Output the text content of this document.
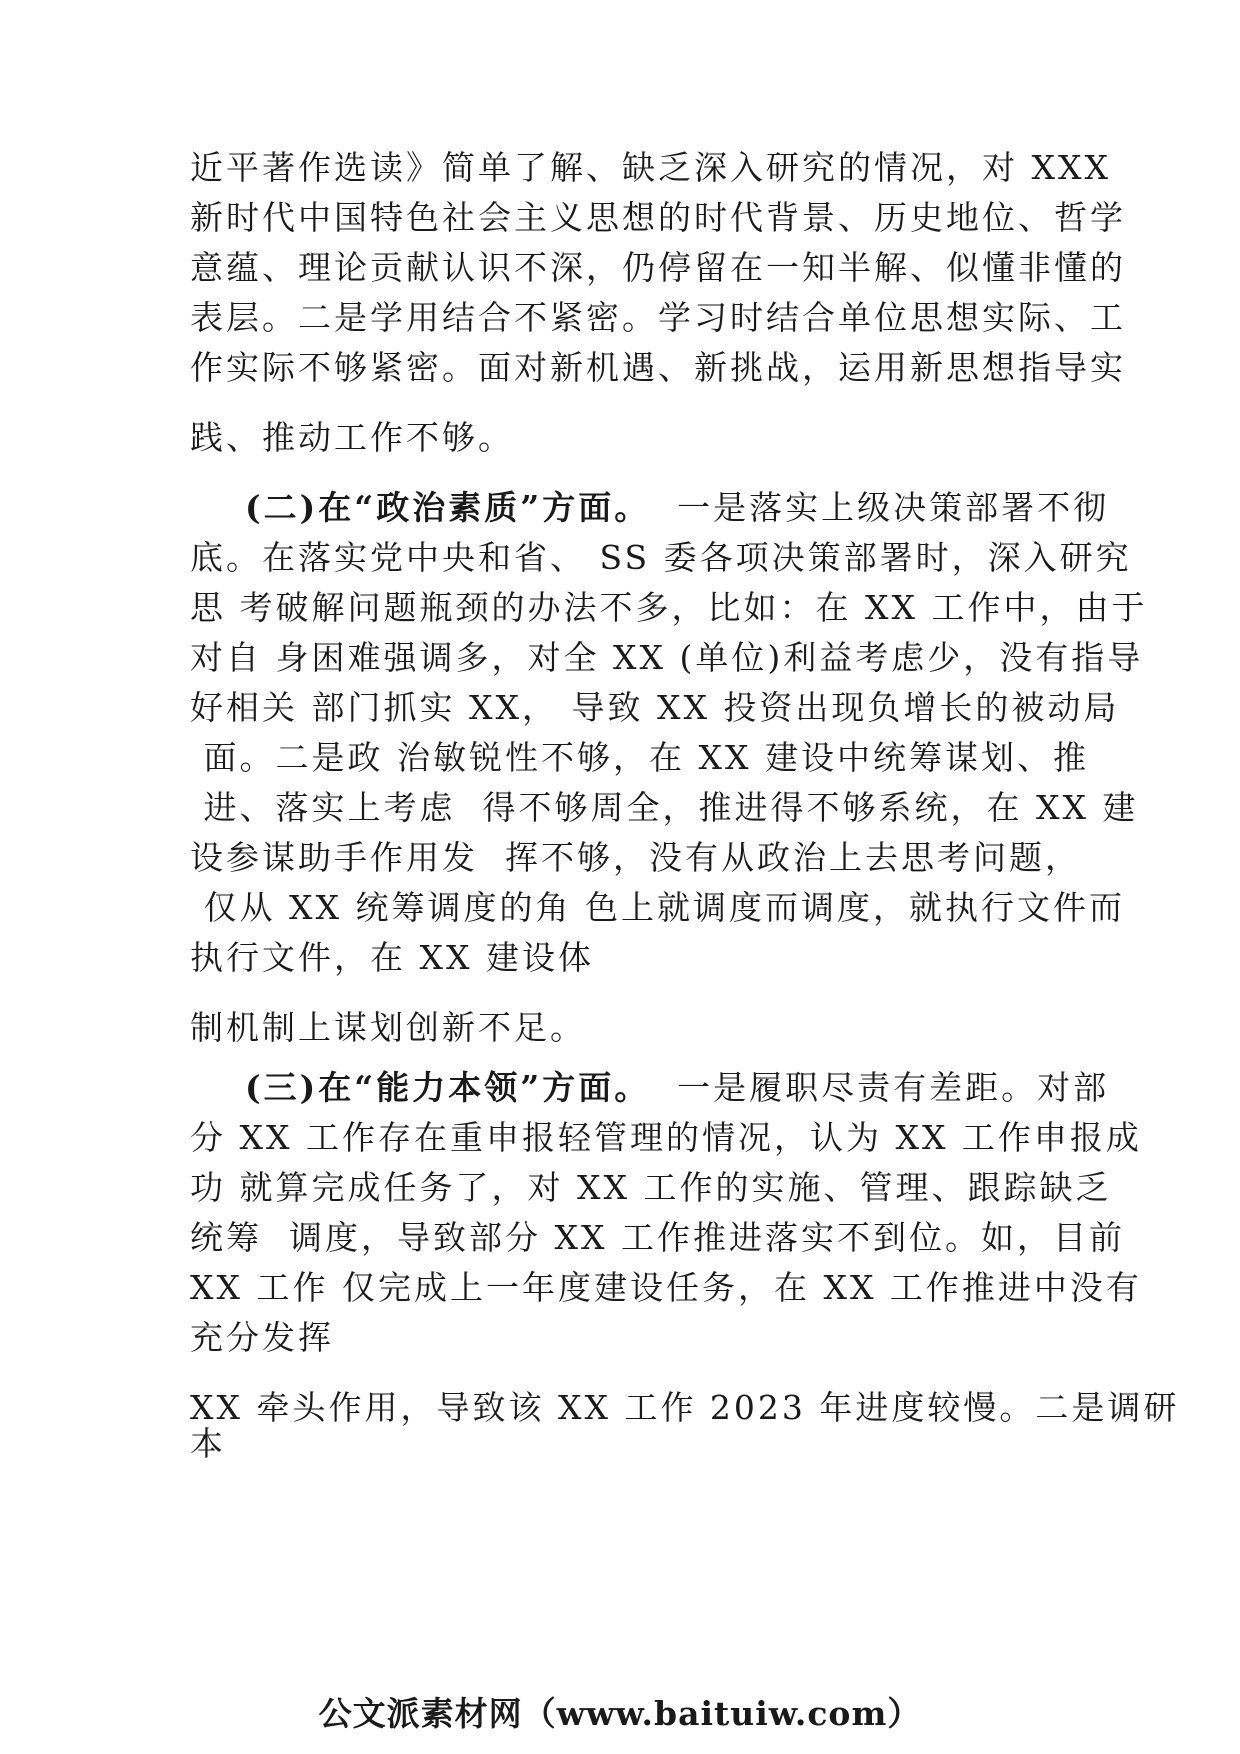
近平著作选读》简单了解、缺乏深入研究的情况，对 XXX
新时代中国特色社会主义思想的时代背景、历史地位、哲学
意蕴、理论贡献认识不深，仍停留在一知半解、似懂非懂的
表层。二是学用结合不紧密。学习时结合单位思想实际、工
作实际不够紧密。面对新机遇、新挑战，运用新思想指导实
践、推动工作不够。
(二)在“政治素质”方面。  一是落实上级决策部署不彻
底。在落实党中央和省、 SS 委各项决策部署时，深入研究
思 考破解问题瓶颈的办法不多，比如：在 XX 工作中，由于
对自 身困难强调多，对全 XX (单位)利益考虑少，没有指导
好相关 部门抓实 XX， 导致 XX 投资出现负增长的被动局
面。二是政 治敏锐性不够，在 XX 建设中统筹谋划、推
进、落实上考虑  得不够周全，推进得不够系统，在 XX 建
设参谋助手作用发  挥不够，没有从政治上去思考问题，
仅从 XX 统筹调度的角 色上就调度而调度，就执行文件而
执行文件，在 XX 建设体
制机制上谋划创新不足。
(三)在“能力本领”方面。  一是履职尽责有差距。对部
分 XX 工作存在重申报轻管理的情况，认为 XX 工作申报成
功 就算完成任务了，对 XX 工作的实施、管理、跟踪缺乏
统筹  调度，导致部分 XX 工作推进落实不到位。如，目前
XX 工作 仅完成上一年度建设任务，在 XX 工作推进中没有
充分发挥
XX 牵头作用，导致该 XX 工作 2023 年进度较慢。二是调研
本
公文派素材网（www.baituiw.com）
